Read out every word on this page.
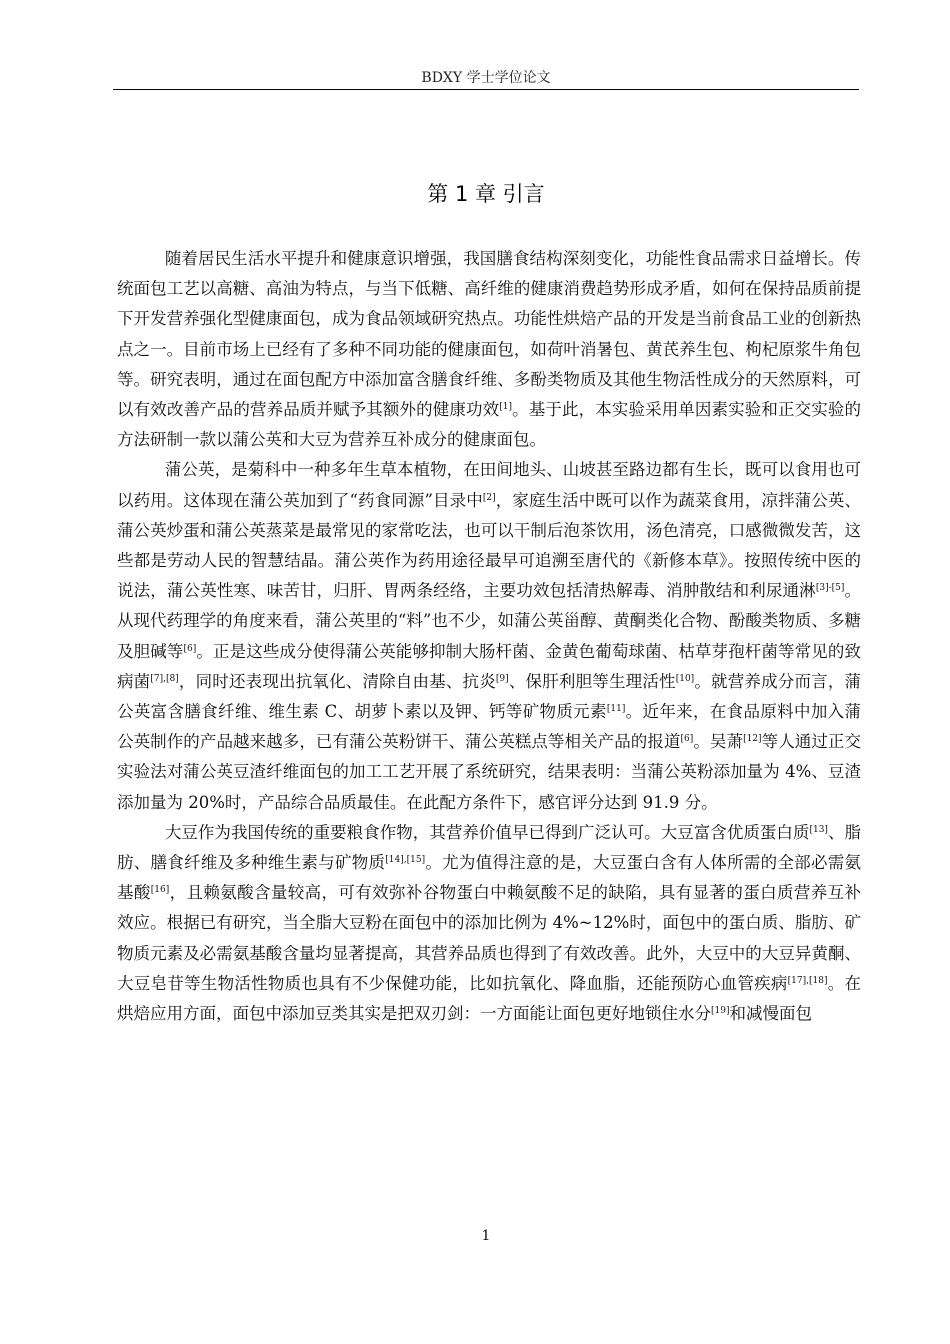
BDXY 学士学位论文
第 1 章 引言

随着居民生活水平提升和健康意识增强，我国膳食结构深刻变化，功能性食品需求日益增长。传统面包工艺以高糖、高油为特点，与当下低糖、高纤维的健康消费趋势形成矛盾，如何在保持品质前提下开发营养强化型健康面包，成为食品领域研究热点。功能性烘焙产品的开发是当前食品工业的创新热点之一。目前市场上已经有了多种不同功能的健康面包，如荷叶消暑包、黄芪养生包、枸杞原浆牛角包等。研究表明，通过在面包配方中添加富含膳食纤维、多酚类物质及其他生物活性成分的天然原料，可以有效改善产品的营养品质并赋予其额外的健康功效[1]。基于此，本实验采用单因素实验和正交实验的方法研制一款以蒲公英和大豆为营养互补成分的健康面包。

蒲公英，是菊科中一种多年生草本植物，在田间地头、山坡甚至路边都有生长，既可以食用也可以药用。这体现在蒲公英加到了“药食同源”目录中[2]，家庭生活中既可以作为蔬菜食用，凉拌蒲公英、蒲公英炒蛋和蒲公英蒸菜是最常见的家常吃法，也可以干制后泡茶饮用，汤色清亮，口感微微发苦，这些都是劳动人民的智慧结晶。蒲公英作为药用途径最早可追溯至唐代的《新修本草》。按照传统中医的说法，蒲公英性寒、味苦甘，归肝、胃两条经络，主要功效包括清热解毒、消肿散结和利尿通淋[3]-[5]。从现代药理学的角度来看，蒲公英里的“料”也不少，如蒲公英甾醇、黄酮类化合物、酚酸类物质、多糖及胆碱等[6]。正是这些成分使得蒲公英能够抑制大肠杆菌、金黄色葡萄球菌、枯草芽孢杆菌等常见的致病菌[7],[8]，同时还表现出抗氧化、清除自由基、抗炎[9]、保肝利胆等生理活性[10]。就营养成分而言，蒲公英富含膳食纤维、维生素 C、胡萝卜素以及钾、钙等矿物质元素[11]。近年来，在食品原料中加入蒲公英制作的产品越来越多，已有蒲公英粉饼干、蒲公英糕点等相关产品的报道[6]。吴萧[12]等人通过正交实验法对蒲公英豆渣纤维面包的加工工艺开展了系统研究，结果表明：当蒲公英粉添加量为 4%、豆渣添加量为 20%时，产品综合品质最佳。在此配方条件下，感官评分达到 91.9 分。

大豆作为我国传统的重要粮食作物，其营养价值早已得到广泛认可。大豆富含优质蛋白质[13]、脂肪、膳食纤维及多种维生素与矿物质[14],[15]。尤为值得注意的是，大豆蛋白含有人体所需的全部必需氨基酸[16]，且赖氨酸含量较高，可有效弥补谷物蛋白中赖氨酸不足的缺陷，具有显著的蛋白质营养互补效应。根据已有研究，当全脂大豆粉在面包中的添加比例为 4%~12%时，面包中的蛋白质、脂肪、矿物质元素及必需氨基酸含量均显著提高，其营养品质也得到了有效改善。此外，大豆中的大豆异黄酮、大豆皂苷等生物活性物质也具有不少保健功能，比如抗氧化、降血脂，还能预防心血管疾病[17],[18]。在烘焙应用方面，面包中添加豆类其实是把双刃剑：一方面能让面包更好地锁住水分[19]和减慢面包

1
